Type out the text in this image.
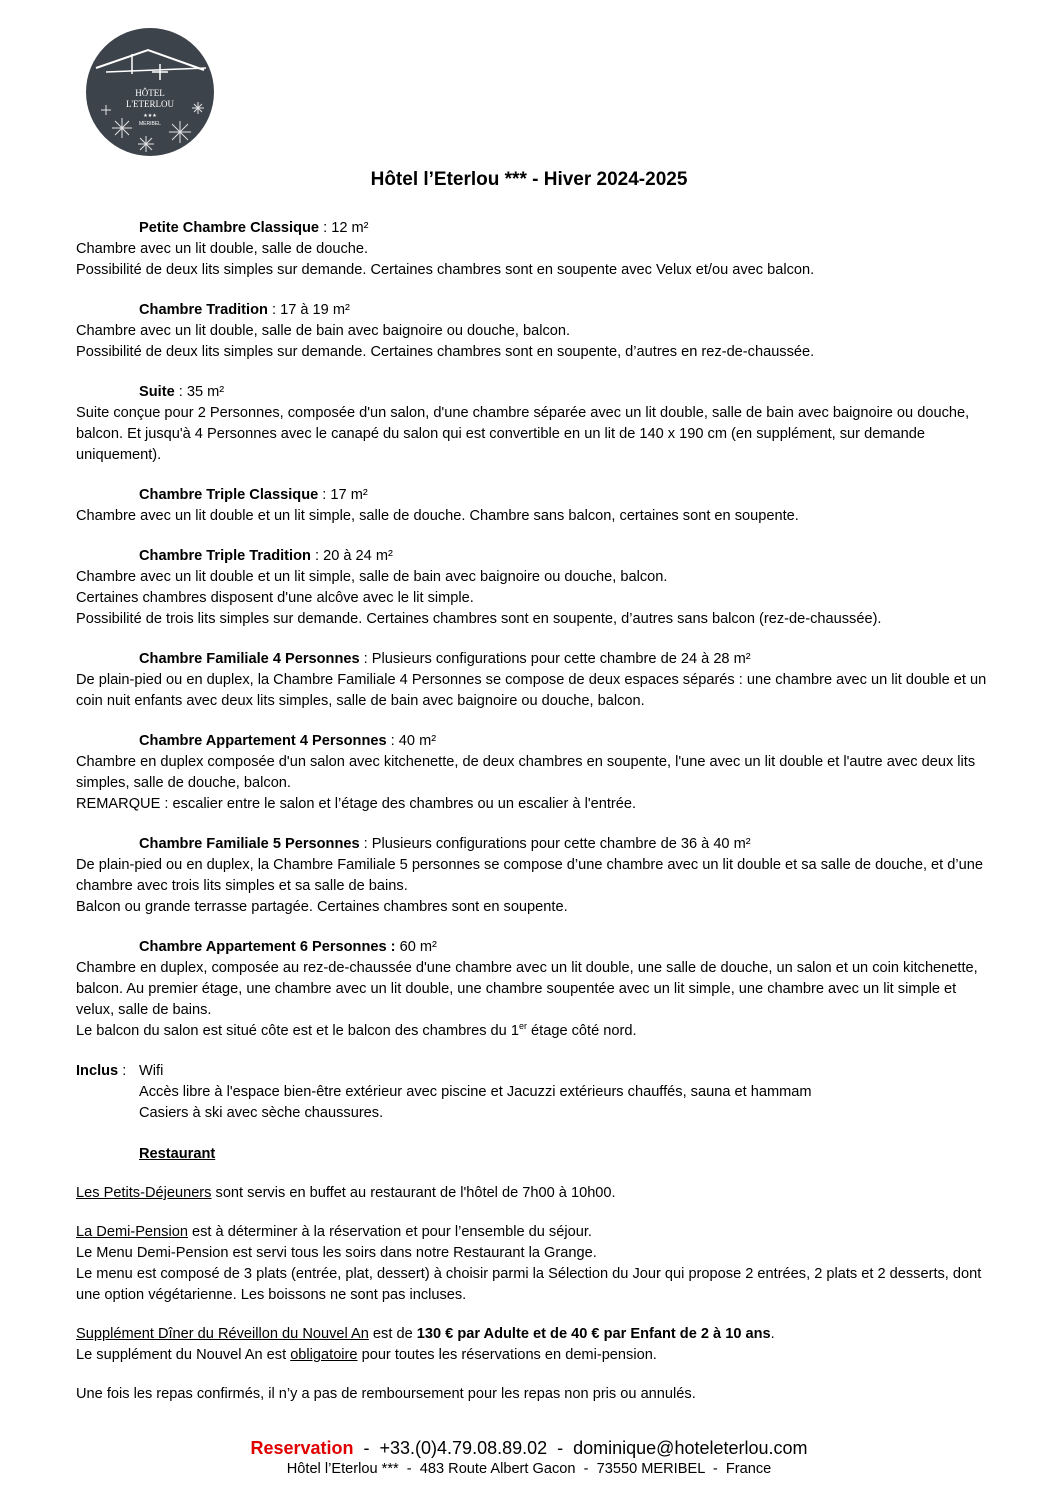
HÔTEL
L'ETERLOU
★★★
MERIBEL
Hôtel l’Eterlou *** - Hiver 2024-2025
Petite Chambre Classique : 12 m²
Chambre avec un lit double, salle de douche.
Possibilité de deux lits simples sur demande. Certaines chambres sont en soupente avec Velux et/ou avec balcon.
Chambre Tradition : 17 à 19 m²
Chambre avec un lit double, salle de bain avec baignoire ou douche, balcon.
Possibilité de deux lits simples sur demande. Certaines chambres sont en soupente, d’autres en rez-de-chaussée.
Suite : 35 m²
Suite conçue pour 2 Personnes, composée d'un salon, d'une chambre séparée avec un lit double, salle de bain avec baignoire ou douche, balcon. Et jusqu'à 4 Personnes avec le canapé du salon qui est convertible en un lit de 140 x 190 cm (en supplément, sur demande uniquement).
Chambre Triple Classique : 17 m²
Chambre avec un lit double et un lit simple, salle de douche. Chambre sans balcon, certaines sont en soupente.
Chambre Triple Tradition : 20 à 24 m²
Chambre avec un lit double et un lit simple, salle de bain avec baignoire ou douche, balcon.
Certaines chambres disposent d'une alcôve avec le lit simple.
Possibilité de trois lits simples sur demande. Certaines chambres sont en soupente, d’autres sans balcon (rez-de-chaussée).
Chambre Familiale 4 Personnes : Plusieurs configurations pour cette chambre de 24 à 28 m²
De plain-pied ou en duplex, la Chambre Familiale 4 Personnes se compose de deux espaces séparés : une chambre avec un lit double et un coin nuit enfants avec deux lits simples, salle de bain avec baignoire ou douche, balcon.
Chambre Appartement 4 Personnes : 40 m²
Chambre en duplex composée d'un salon avec kitchenette, de deux chambres en soupente, l'une avec un lit double et l'autre avec deux lits simples, salle de douche, balcon.
REMARQUE : escalier entre le salon et l’étage des chambres ou un escalier à l'entrée.
Chambre Familiale 5 Personnes : Plusieurs configurations pour cette chambre de 36 à 40 m²
De plain-pied ou en duplex, la Chambre Familiale 5 personnes se compose d’une chambre avec un lit double et sa salle de douche, et d’une chambre avec trois lits simples et sa salle de bains.
Balcon ou grande terrasse partagée. Certaines chambres sont en soupente.
Chambre Appartement 6 Personnes : 60 m²
Chambre en duplex, composée au rez-de-chaussée d'une chambre avec un lit double, une salle de douche, un salon et un coin kitchenette, balcon. Au premier étage, une chambre avec un lit double, une chambre soupentée avec un lit simple, une chambre avec un lit simple et velux, salle de bains.
Le balcon du salon est situé côte est et le balcon des chambres du 1er étage côté nord.
Inclus : Wifi
Accès libre à l'espace bien-être extérieur avec piscine et Jacuzzi extérieurs chauffés, sauna et hammam
Casiers à ski avec sèche chaussures.
Restaurant
Les Petits-Déjeuners sont servis en buffet au restaurant de l'hôtel de 7h00 à 10h00.
La Demi-Pension est à déterminer à la réservation et pour l’ensemble du séjour.
Le Menu Demi-Pension est servi tous les soirs dans notre Restaurant la Grange.
Le menu est composé de 3 plats (entrée, plat, dessert) à choisir parmi la Sélection du Jour qui propose 2 entrées, 2 plats et 2 desserts, dont une option végétarienne. Les boissons ne sont pas incluses.
Supplément Dîner du Réveillon du Nouvel An est de 130 € par Adulte et de 40 € par Enfant de 2 à 10 ans.
Le supplément du Nouvel An est obligatoire pour toutes les réservations en demi-pension.
Une fois les repas confirmés, il n’y a pas de remboursement pour les repas non pris ou annulés.
Reservation  -  +33.(0)4.79.08.89.02  -  dominique@hoteleterlou.com
Hôtel l’Eterlou ***  -  483 Route Albert Gacon  -  73550 MERIBEL  -  France
